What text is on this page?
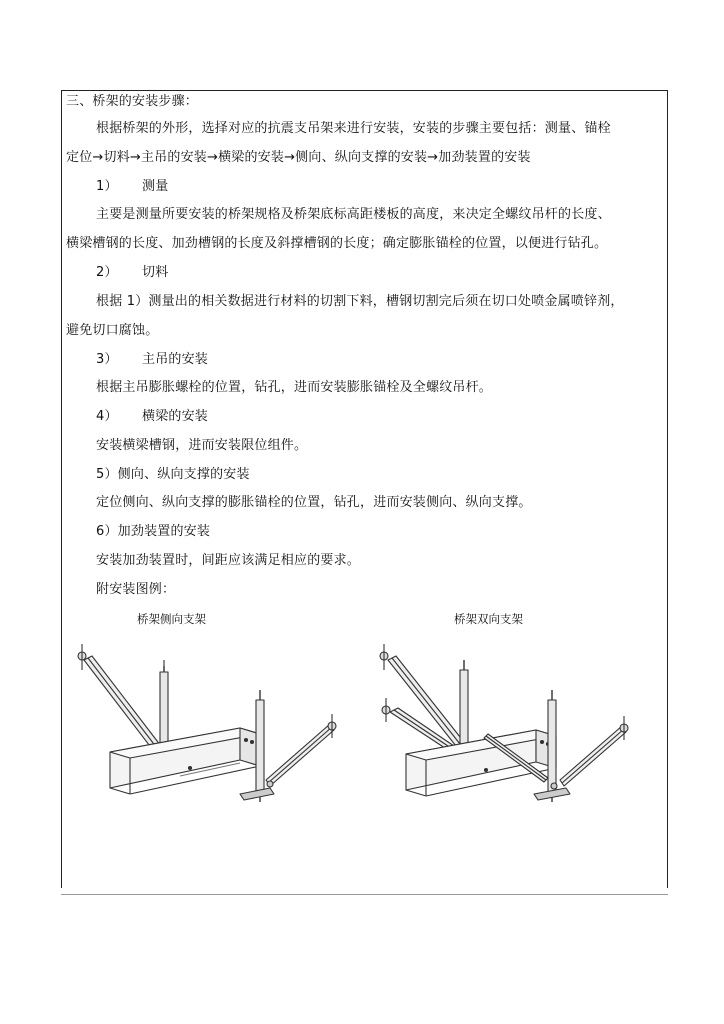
三、桥架的安装步骤：
根据桥架的外形，选择对应的抗震支吊架来进行安装，安装的步骤主要包括：测量、锚栓
定位→切料→主吊的安装→横梁的安装→侧向、纵向支撑的安装→加劲装置的安装
1） 测量
主要是测量所要安装的桥架规格及桥架底标高距楼板的高度，来决定全螺纹吊杆的长度、
横梁槽钢的长度、加劲槽钢的长度及斜撑槽钢的长度；确定膨胀锚栓的位置，以便进行钻孔。
2） 切料
根据 1）测量出的相关数据进行材料的切割下料，槽钢切割完后须在切口处喷金属喷锌剂，
避免切口腐蚀。
3） 主吊的安装
根据主吊膨胀螺栓的位置，钻孔，进而安装膨胀锚栓及全螺纹吊杆。
4） 横梁的安装
安装横梁槽钢，进而安装限位组件。
5）侧向、纵向支撑的安装
定位侧向、纵向支撑的膨胀锚栓的位置，钻孔，进而安装侧向、纵向支撑。
6）加劲装置的安装
安装加劲装置时，间距应该满足相应的要求。
附安装图例：
桥架侧向支架	桥架双向支架
